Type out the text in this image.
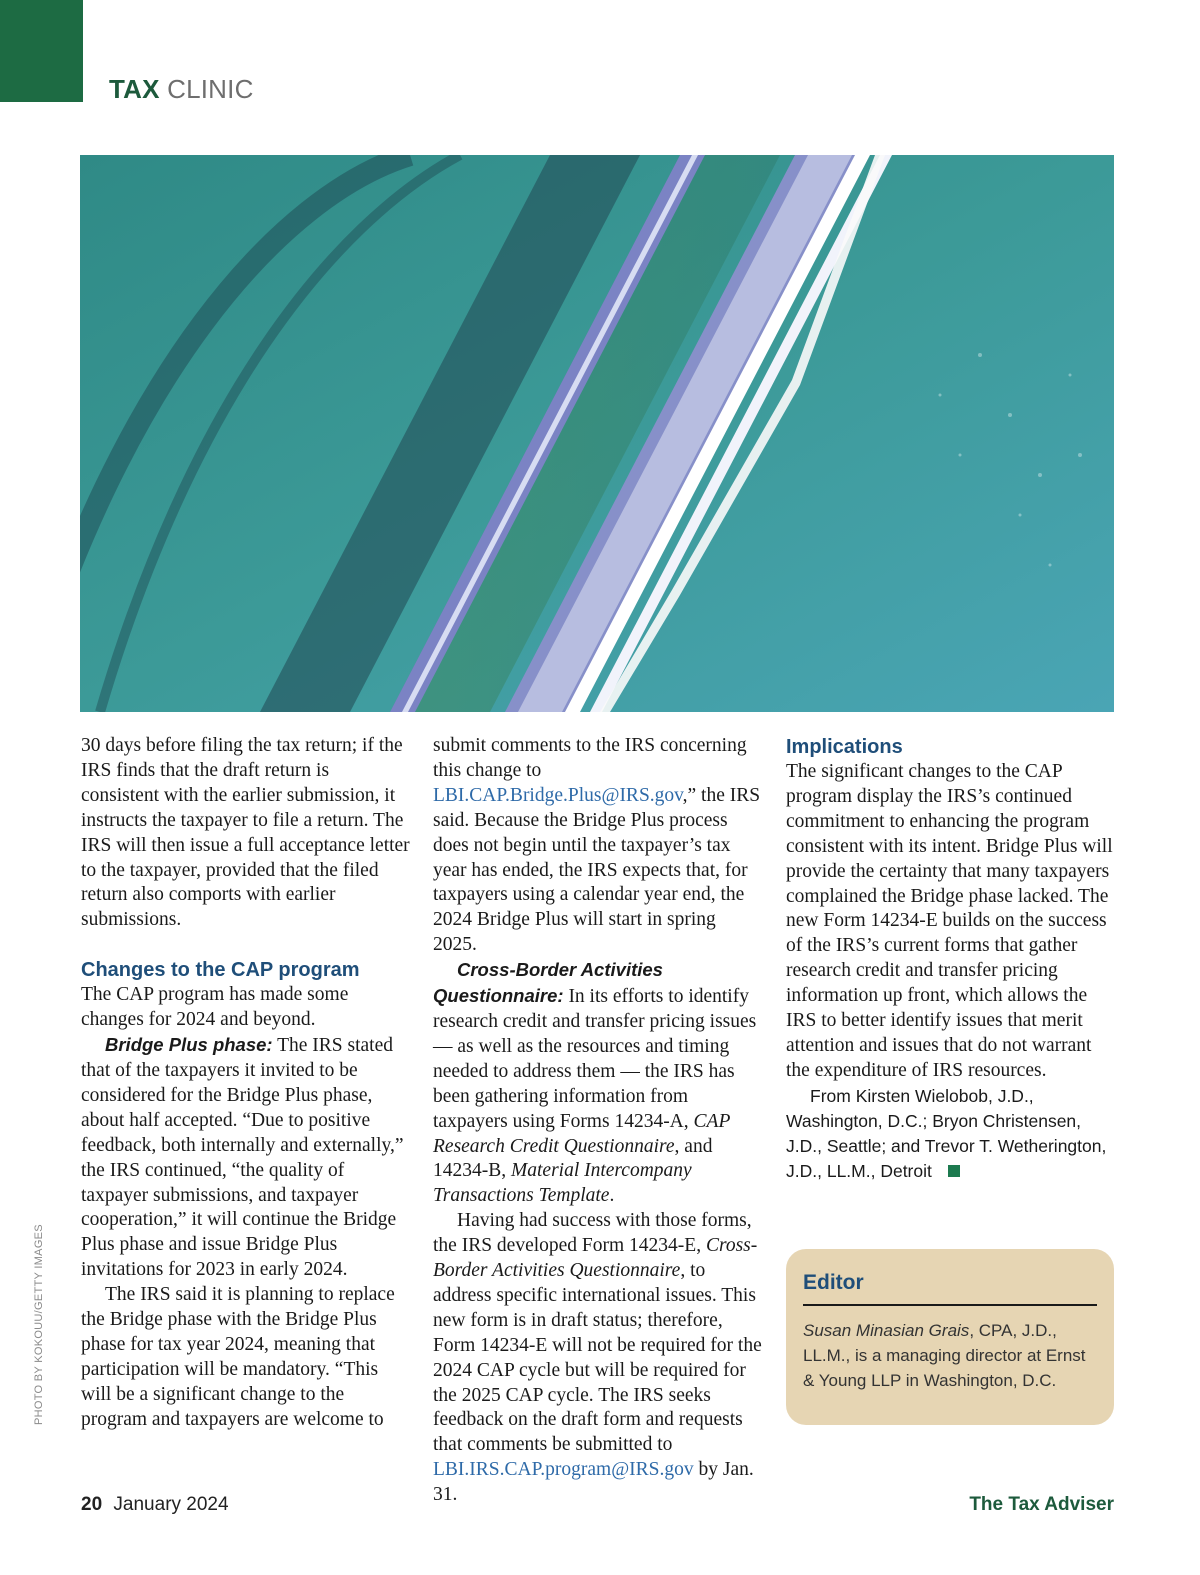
TAX CLINIC
PHOTO BY KOKOUU/GETTY IMAGES

30 days before filing the tax return; if the IRS finds that the draft return is consistent with the earlier submission, it instructs the taxpayer to file a return. The IRS will then issue a full acceptance letter to the taxpayer, provided that the filed return also comports with earlier submissions.

Changes to the CAP program

The CAP program has made some changes for 2024 and beyond.

Bridge Plus phase: The IRS stated that of the taxpayers it invited to be considered for the Bridge Plus phase, about half accepted. “Due to positive feedback, both internally and externally,” the IRS continued, “the quality of taxpayer submissions, and taxpayer cooperation,” it will continue the Bridge Plus phase and issue Bridge Plus invitations for 2023 in early 2024.

The IRS said it is planning to replace the Bridge phase with the Bridge Plus phase for tax year 2024, meaning that participation will be mandatory. “This will be a significant change to the program and taxpayers are welcome to

submit comments to the IRS concerning this change to LBI.CAP.Bridge.Plus@IRS.gov,” the IRS said. Because the Bridge Plus process does not begin until the taxpayer’s tax year has ended, the IRS expects that, for taxpayers using a calendar year end, the 2024 Bridge Plus will start in spring 2025.

Cross-Border Activities Questionnaire: In its efforts to identify research credit and transfer pricing issues — as well as the resources and timing needed to address them — the IRS has been gathering information from taxpayers using Forms 14234-A, CAP Research Credit Questionnaire, and 14234-B, Material Intercompany Transactions Template.

Having had success with those forms, the IRS developed Form 14234-E, Cross-Border Activities Questionnaire, to address specific international issues. This new form is in draft status; therefore, Form 14234-E will not be required for the 2024 CAP cycle but will be required for the 2025 CAP cycle. The IRS seeks feedback on the draft form and requests that comments be submitted to LBI.IRS.CAP.program@IRS.gov by Jan. 31.

Implications

The significant changes to the CAP program display the IRS’s continued commitment to enhancing the program consistent with its intent. Bridge Plus will provide the certainty that many taxpayers complained the Bridge phase lacked. The new Form 14234-E builds on the success of the IRS’s current forms that gather research credit and transfer pricing information up front, which allows the IRS to better identify issues that merit attention and issues that do not warrant the expenditure of IRS resources.

From Kirsten Wielobob, J.D., Washington, D.C.; Bryon Christensen, J.D., Seattle; and Trevor T. Wetherington, J.D., LL.M., Detroit

Editor

Susan Minasian Grais, CPA, J.D., LL.M., is a managing director at Ernst & Young LLP in Washington, D.C.

20 January 2024	The Tax Adviser
